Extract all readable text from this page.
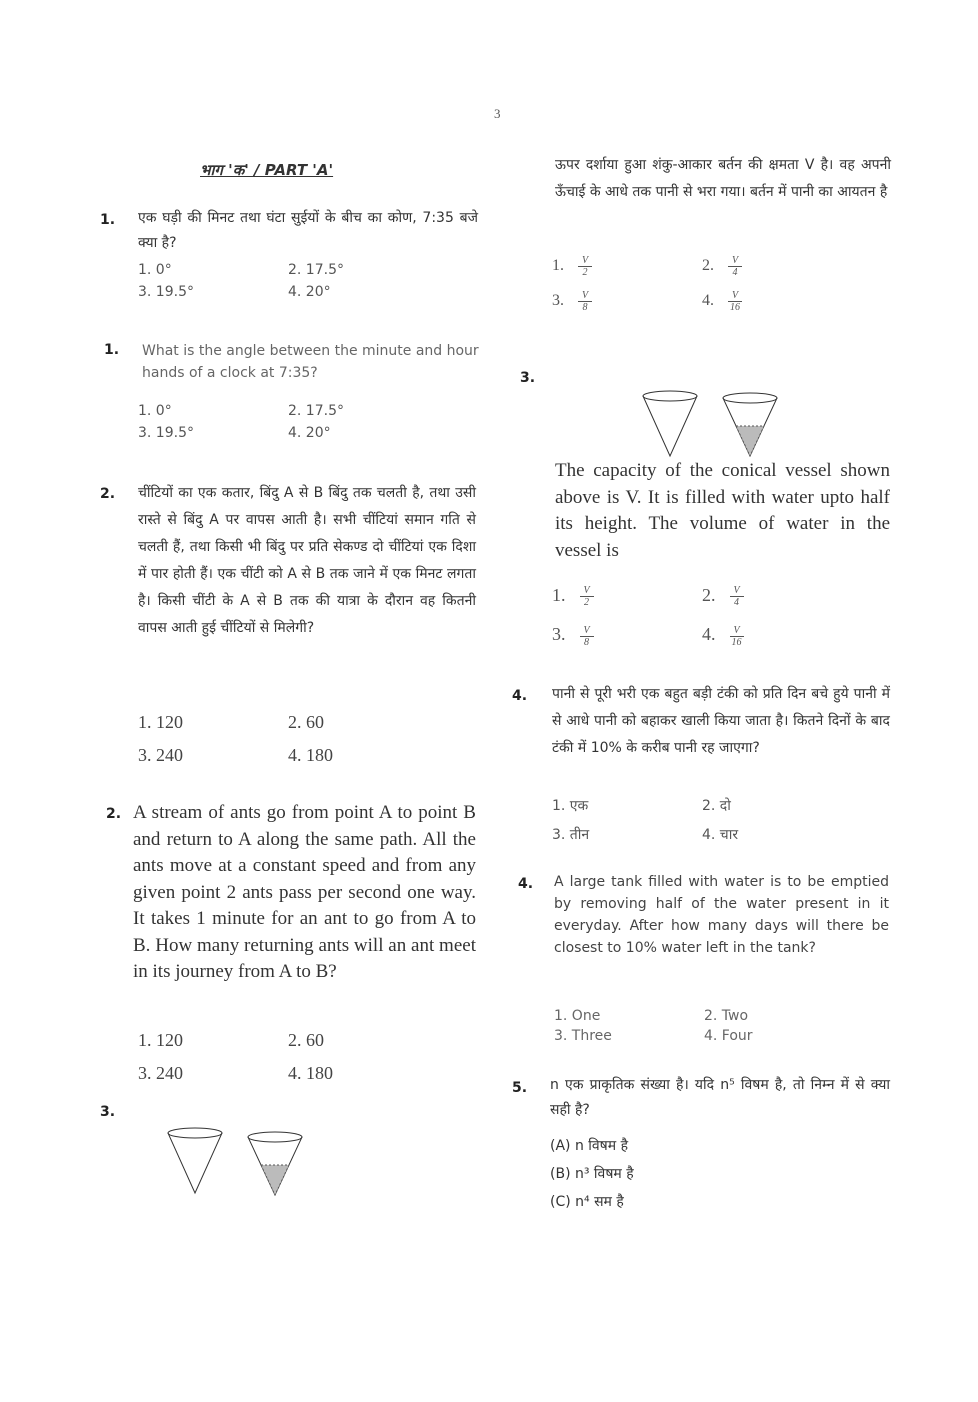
3
भाग 'क' / PART 'A'
1. एक घड़ी की मिनट तथा घंटा सुईयों के बीच का कोण, 7:35 बजे क्या है?
1. 0°	2. 17.5°
3. 19.5°	4. 20°
1. What is the angle between the minute and hour hands of a clock at 7:35?
1. 0°	2. 17.5°
3. 19.5°	4. 20°
2. चींटियों का एक कतार, बिंदु A से B बिंदु तक चलती है, तथा उसी रास्ते से बिंदु A पर वापस आती है। सभी चींटियां समान गति से चलती हैं, तथा किसी भी बिंदु पर प्रति सेकण्ड दो चींटियां एक दिशा में पार होती हैं। एक चींटी को A से B तक जाने में एक मिनट लगता है। किसी चींटी के A से B तक की यात्रा के दौरान वह कितनी वापस आती हुई चींटियों से मिलेगी?
1. 120	2. 60
3. 240	4. 180
2. A stream of ants go from point A to point B and return to A along the same path. All the ants move at a constant speed and from any given point 2 ants pass per second one way. It takes 1 minute for an ant to go from A to B. How many returning ants will an ant meet in its journey from A to B?
1. 120	2. 60
3. 240	4. 180
3.
ऊपर दर्शाया हुआ शंकु-आकार बर्तन की क्षमता V है। वह अपनी ऊँचाई के आधे तक पानी से भरा गया। बर्तन में पानी का आयतन है
1. $\frac{V}{2}$	2. $\frac{V}{4}$
3. $\frac{V}{8}$	4. $\frac{V}{16}$
3.
The capacity of the conical vessel shown above is V. It is filled with water upto half its height. The volume of water in the vessel is
1. $\frac{V}{2}$	2. $\frac{V}{4}$
3. $\frac{V}{8}$	4. $\frac{V}{16}$
4. पानी से पूरी भरी एक बहुत बड़ी टंकी को प्रति दिन बचे हुये पानी में से आधे पानी को बहाकर खाली किया जाता है। कितने दिनों के बाद टंकी में 10% के करीब पानी रह जाएगा?
1. एक	2. दो
3. तीन	4. चार
4. A large tank filled with water is to be emptied by removing half of the water present in it everyday. After how many days will there be closest to 10% water left in the tank?
1. One	2. Two
3. Three	4. Four
5. n एक प्राकृतिक संख्या है। यदि n⁵ विषम है, तो निम्न में से क्या सही है?
(A) n विषम है
(B) n³ विषम है
(C) n⁴ सम है
